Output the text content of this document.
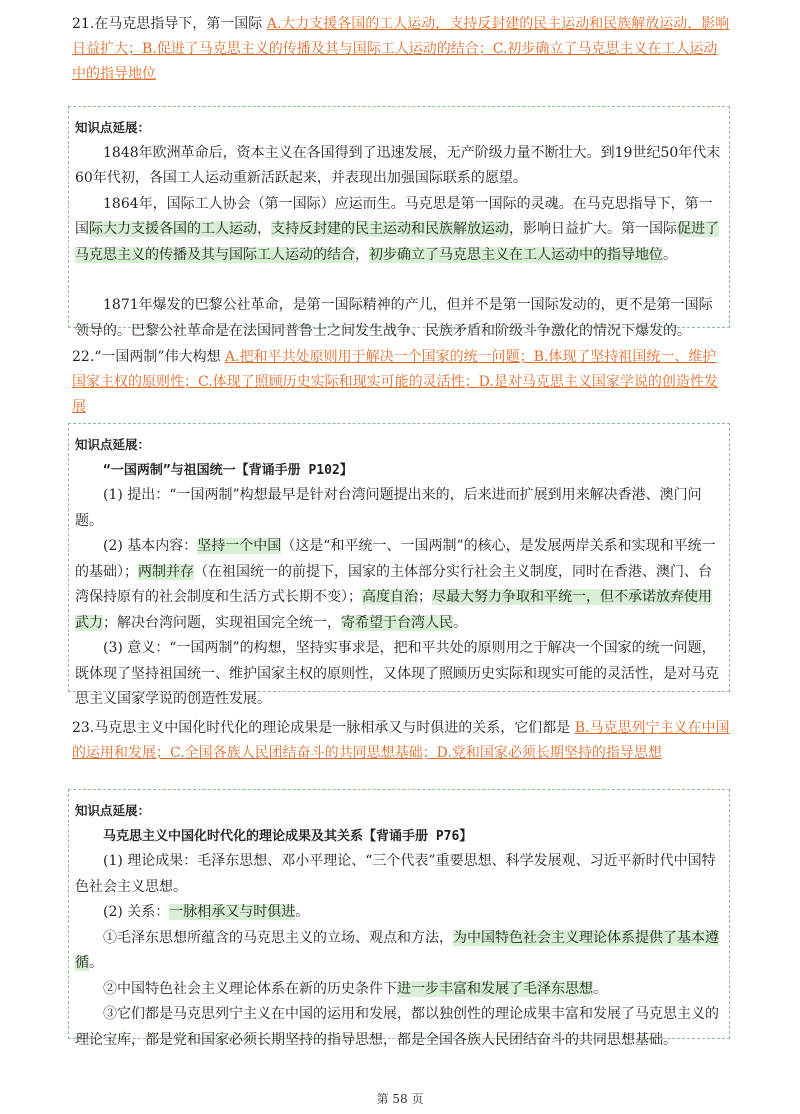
21.在马克思指导下，第一国际 A.大力支援各国的工人运动，支持反封建的民主运动和民族解放运动，影响日益扩大；B.促进了马克思主义的传播及其与国际工人运动的结合；C.初步确立了马克思主义在工人运动中的指导地位
知识点延展：

1848年欧洲革命后，资本主义在各国得到了迅速发展，无产阶级力量不断壮大。到19世纪50年代末60年代初，各国工人运动重新活跃起来，并表现出加强国际联系的愿望。

1864年，国际工人协会（第一国际）应运而生。马克思是第一国际的灵魂。在马克思指导下，第一国际大力支援各国的工人运动，支持反封建的民主运动和民族解放运动，影响日益扩大。第一国际促进了马克思主义的传播及其与国际工人运动的结合，初步确立了马克思主义在工人运动中的指导地位。

1871年爆发的巴黎公社革命，是第一国际精神的产儿，但并不是第一国际发动的，更不是第一国际领导的。巴黎公社革命是在法国同普鲁士之间发生战争、民族矛盾和阶级斗争激化的情况下爆发的。

22.“一国两制”伟大构想 A.把和平共处原则用于解决一个国家的统一问题；B.体现了坚持祖国统一、维护国家主权的原则性；C.体现了照顾历史实际和现实可能的灵活性；D.是对马克思主义国家学说的创造性发展
知识点延展：
“一国两制”与祖国统一【背诵手册 P102】

(1) 提出：“一国两制”构想最早是针对台湾问题提出来的，后来进而扩展到用来解决香港、澳门问题。

(2) 基本内容：坚持一个中国（这是“和平统一、一国两制”的核心，是发展两岸关系和实现和平统一的基础）；两制并存（在祖国统一的前提下，国家的主体部分实行社会主义制度，同时在香港、澳门、台湾保持原有的社会制度和生活方式长期不变）；高度自治；尽最大努力争取和平统一，但不承诺放弃使用武力；解决台湾问题，实现祖国完全统一，寄希望于台湾人民。

(3) 意义：“一国两制”的构想，坚持实事求是，把和平共处的原则用之于解决一个国家的统一问题，既体现了坚持祖国统一、维护国家主权的原则性，又体现了照顾历史实际和现实可能的灵活性，是对马克思主义国家学说的创造性发展。

23.马克思主义中国化时代化的理论成果是一脉相承又与时俱进的关系，它们都是 B.马克思列宁主义在中国的运用和发展；C.全国各族人民团结奋斗的共同思想基础；D.党和国家必须长期坚持的指导思想
知识点延展：
马克思主义中国化时代化的理论成果及其关系【背诵手册 P76】

(1) 理论成果：毛泽东思想、邓小平理论、“三个代表”重要思想、科学发展观、习近平新时代中国特色社会主义思想。

(2) 关系：一脉相承又与时俱进。

①毛泽东思想所蕴含的马克思主义的立场、观点和方法，为中国特色社会主义理论体系提供了基本遵循。

②中国特色社会主义理论体系在新的历史条件下进一步丰富和发展了毛泽东思想。

③它们都是马克思列宁主义在中国的运用和发展，都以独创性的理论成果丰富和发展了马克思主义的理论宝库，都是党和国家必须长期坚持的指导思想，都是全国各族人民团结奋斗的共同思想基础。

第 58 页
